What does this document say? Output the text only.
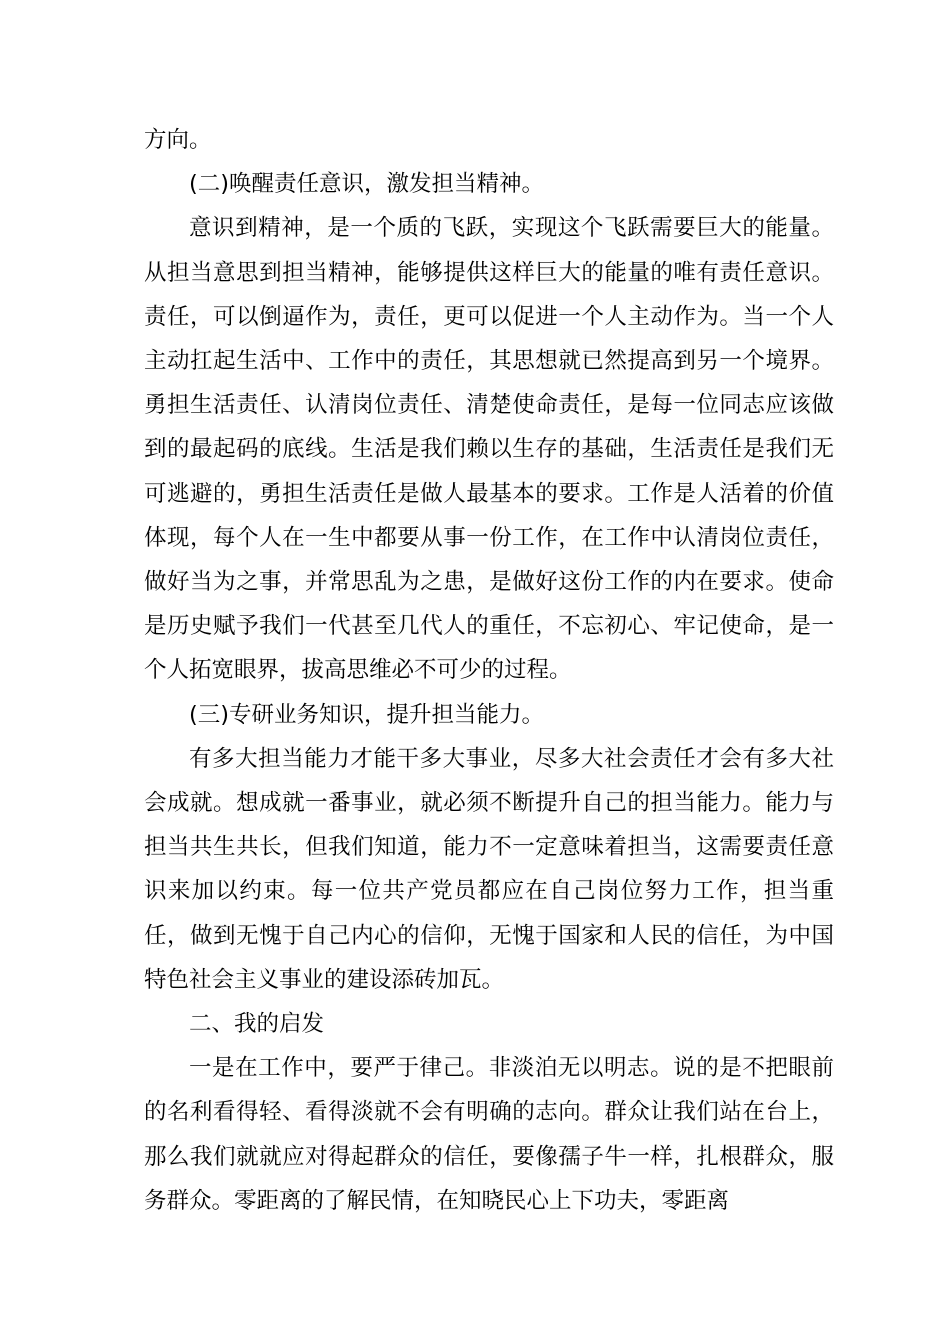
方向。

(二)唤醒责任意识，激发担当精神。

意识到精神，是一个质的飞跃，实现这个飞跃需要巨大的能量。从担当意思到担当精神，能够提供这样巨大的能量的唯有责任意识。责任，可以倒逼作为，责任，更可以促进一个人主动作为。当一个人主动扛起生活中、工作中的责任，其思想就已然提高到另一个境界。勇担生活责任、认清岗位责任、清楚使命责任，是每一位同志应该做到的最起码的底线。生活是我们赖以生存的基础，生活责任是我们无可逃避的，勇担生活责任是做人最基本的要求。工作是人活着的价值体现，每个人在一生中都要从事一份工作，在工作中认清岗位责任，做好当为之事，并常思乱为之患，是做好这份工作的内在要求。使命是历史赋予我们一代甚至几代人的重任，不忘初心、牢记使命，是一个人拓宽眼界，拔高思维必不可少的过程。

(三)专研业务知识，提升担当能力。

有多大担当能力才能干多大事业，尽多大社会责任才会有多大社会成就。想成就一番事业，就必须不断提升自己的担当能力。能力与担当共生共长，但我们知道，能力不一定意味着担当，这需要责任意识来加以约束。每一位共产党员都应在自己岗位努力工作，担当重任，做到无愧于自己内心的信仰，无愧于国家和人民的信任，为中国特色社会主义事业的建设添砖加瓦。

二、我的启发

一是在工作中，要严于律己。非淡泊无以明志。说的是不把眼前的名利看得轻、看得淡就不会有明确的志向。群众让我们站在台上，那么我们就就应对得起群众的信任，要像孺子牛一样，扎根群众，服务群众。零距离的了解民情，在知晓民心上下功夫，零距离
